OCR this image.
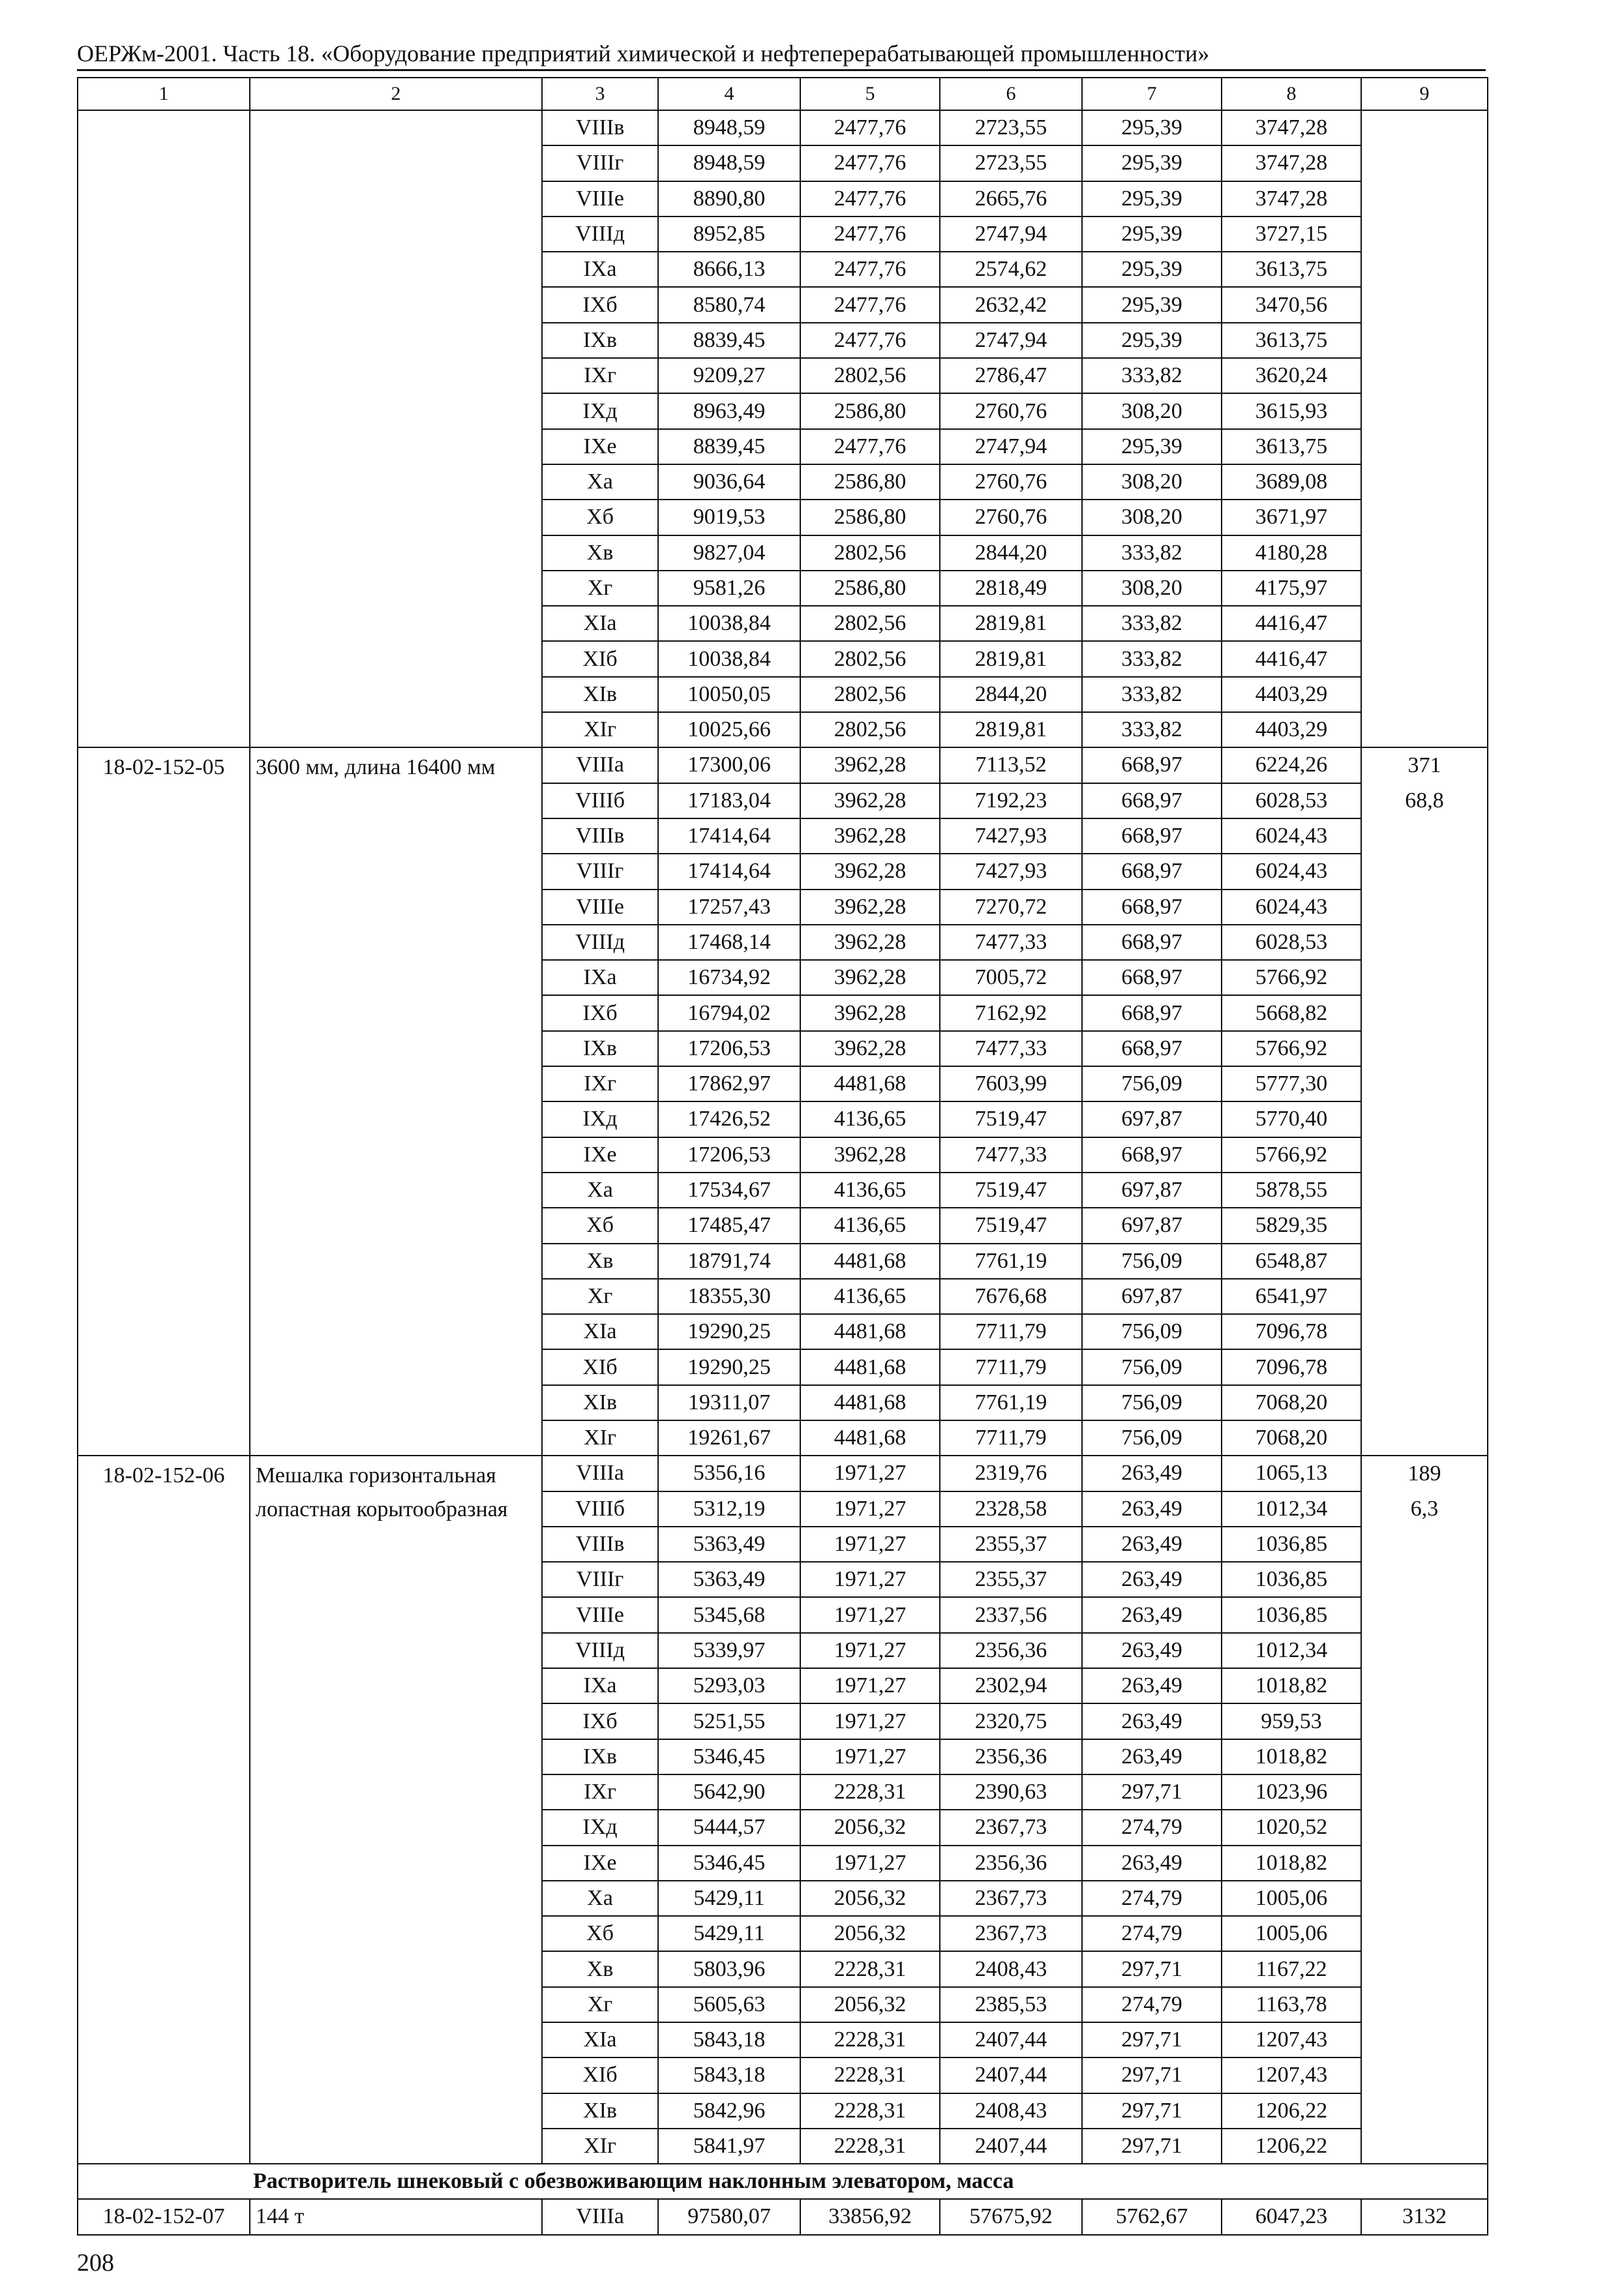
ОЕРЖм-2001. Часть 18. «Оборудование предприятий химической и нефтеперерабатывающей промышленности»
1	2	3	4	5	6	7	8	9
		VIIIв	8948,59	2477,76	2723,55	295,39	3747,28	
		VIIIг	8948,59	2477,76	2723,55	295,39	3747,28	
		VIIIе	8890,80	2477,76	2665,76	295,39	3747,28	
		VIIIд	8952,85	2477,76	2747,94	295,39	3727,15	
		IXа	8666,13	2477,76	2574,62	295,39	3613,75	
		IXб	8580,74	2477,76	2632,42	295,39	3470,56	
		IXв	8839,45	2477,76	2747,94	295,39	3613,75	
		IXг	9209,27	2802,56	2786,47	333,82	3620,24	
		IXд	8963,49	2586,80	2760,76	308,20	3615,93	
		IXе	8839,45	2477,76	2747,94	295,39	3613,75	
		Xа	9036,64	2586,80	2760,76	308,20	3689,08	
		Xб	9019,53	2586,80	2760,76	308,20	3671,97	
		Xв	9827,04	2802,56	2844,20	333,82	4180,28	
		Xг	9581,26	2586,80	2818,49	308,20	4175,97	
		XIа	10038,84	2802,56	2819,81	333,82	4416,47	
		XIб	10038,84	2802,56	2819,81	333,82	4416,47	
		XIв	10050,05	2802,56	2844,20	333,82	4403,29	
		XIг	10025,66	2802,56	2819,81	333,82	4403,29	
18-02-152-05	3600 мм, длина 16400 мм	VIIIа	17300,06	3962,28	7113,52	668,97	6224,26	371
		VIIIб	17183,04	3962,28	7192,23	668,97	6028,53	68,8
		VIIIв	17414,64	3962,28	7427,93	668,97	6024,43	
		VIIIг	17414,64	3962,28	7427,93	668,97	6024,43	
		VIIIе	17257,43	3962,28	7270,72	668,97	6024,43	
		VIIIд	17468,14	3962,28	7477,33	668,97	6028,53	
		IXа	16734,92	3962,28	7005,72	668,97	5766,92	
		IXб	16794,02	3962,28	7162,92	668,97	5668,82	
		IXв	17206,53	3962,28	7477,33	668,97	5766,92	
		IXг	17862,97	4481,68	7603,99	756,09	5777,30	
		IXд	17426,52	4136,65	7519,47	697,87	5770,40	
		IXе	17206,53	3962,28	7477,33	668,97	5766,92	
		Xа	17534,67	4136,65	7519,47	697,87	5878,55	
		Xб	17485,47	4136,65	7519,47	697,87	5829,35	
		Xв	18791,74	4481,68	7761,19	756,09	6548,87	
		Xг	18355,30	4136,65	7676,68	697,87	6541,97	
		XIа	19290,25	4481,68	7711,79	756,09	7096,78	
		XIб	19290,25	4481,68	7711,79	756,09	7096,78	
		XIв	19311,07	4481,68	7761,19	756,09	7068,20	
		XIг	19261,67	4481,68	7711,79	756,09	7068,20	
18-02-152-06	Мешалка горизонтальная лопастная корытообразная	VIIIа	5356,16	1971,27	2319,76	263,49	1065,13	189
		VIIIб	5312,19	1971,27	2328,58	263,49	1012,34	6,3
		VIIIв	5363,49	1971,27	2355,37	263,49	1036,85	
		VIIIг	5363,49	1971,27	2355,37	263,49	1036,85	
		VIIIе	5345,68	1971,27	2337,56	263,49	1036,85	
		VIIIд	5339,97	1971,27	2356,36	263,49	1012,34	
		IXа	5293,03	1971,27	2302,94	263,49	1018,82	
		IXб	5251,55	1971,27	2320,75	263,49	959,53	
		IXв	5346,45	1971,27	2356,36	263,49	1018,82	
		IXг	5642,90	2228,31	2390,63	297,71	1023,96	
		IXд	5444,57	2056,32	2367,73	274,79	1020,52	
		IXе	5346,45	1971,27	2356,36	263,49	1018,82	
		Xа	5429,11	2056,32	2367,73	274,79	1005,06	
		Xб	5429,11	2056,32	2367,73	274,79	1005,06	
		Xв	5803,96	2228,31	2408,43	297,71	1167,22	
		Xг	5605,63	2056,32	2385,53	274,79	1163,78	
		XIа	5843,18	2228,31	2407,44	297,71	1207,43	
		XIб	5843,18	2228,31	2407,44	297,71	1207,43	
		XIв	5842,96	2228,31	2408,43	297,71	1206,22	
		XIг	5841,97	2228,31	2407,44	297,71	1206,22	
Растворитель шнековый с обезвоживающим наклонным элеватором, масса								
18-02-152-07	144 т	VIIIа	97580,07	33856,92	57675,92	5762,67	6047,23	3132
208
